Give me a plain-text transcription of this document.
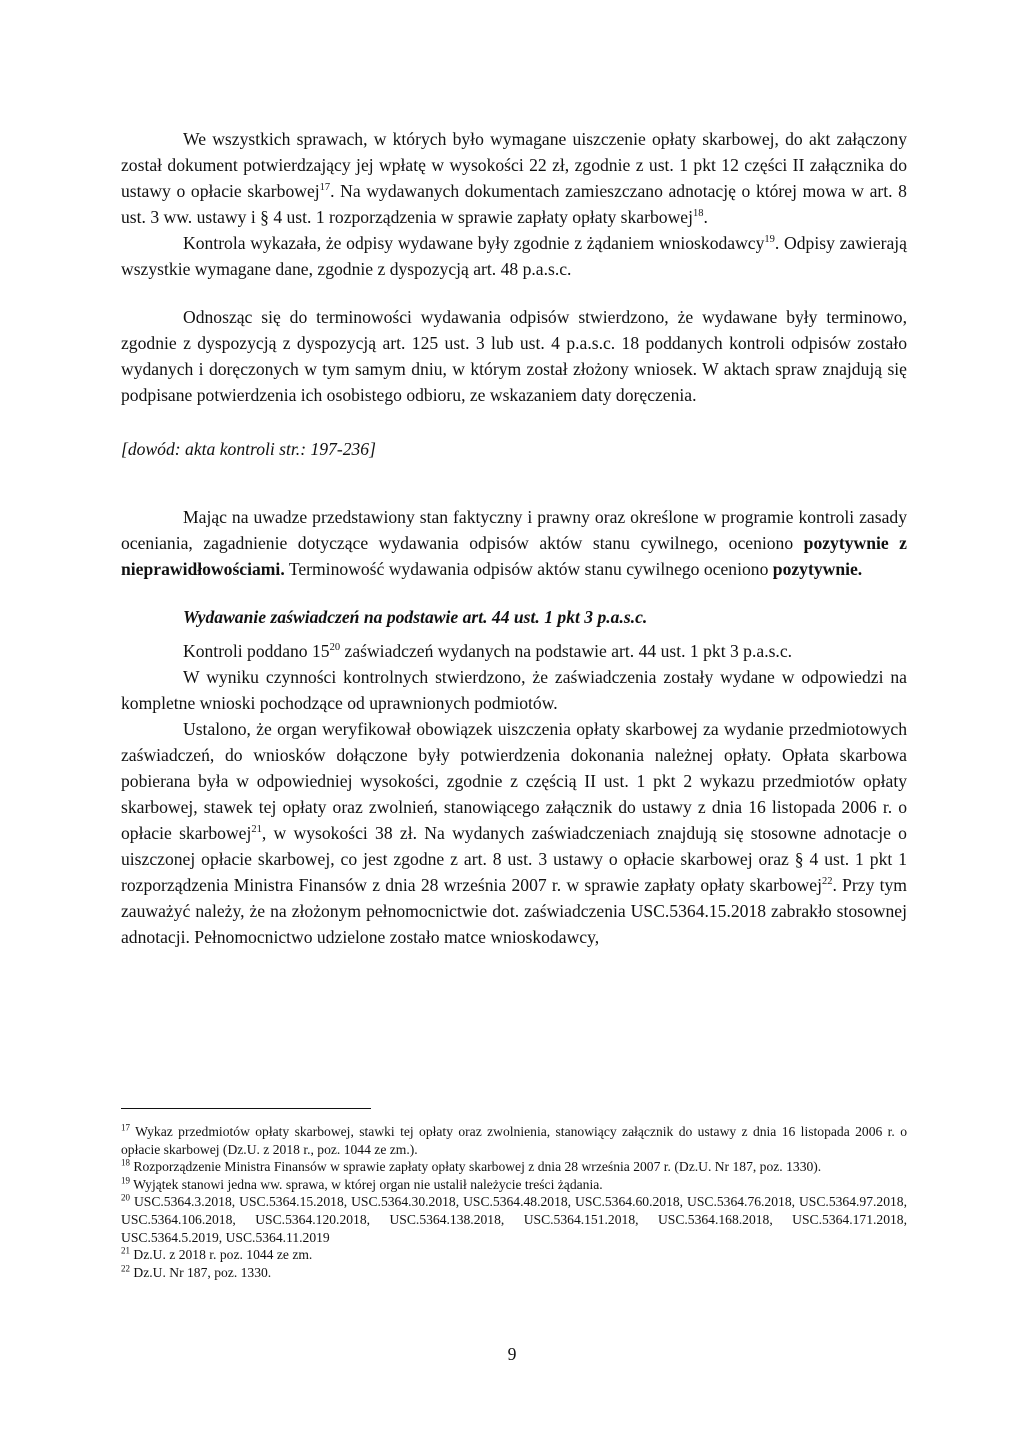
We wszystkich sprawach, w których było wymagane uiszczenie opłaty skarbowej, do akt załączony został dokument potwierdzający jej wpłatę w wysokości 22 zł, zgodnie z ust. 1 pkt 12 części II załącznika do ustawy o opłacie skarbowej$^{17}$. Na wydawanych dokumentach zamieszczano adnotację o której mowa w art. 8 ust. 3 ww. ustawy i § 4 ust. 1 rozporządzenia w sprawie zapłaty opłaty skarbowej$^{18}$.

Kontrola wykazała, że odpisy wydawane były zgodnie z żądaniem wnioskodawcy$^{19}$. Odpisy zawierają wszystkie wymagane dane, zgodnie z dyspozycją art. 48 p.a.s.c.

Odnosząc się do terminowości wydawania odpisów stwierdzono, że wydawane były terminowo, zgodnie z dyspozycją z dyspozycją art. 125 ust. 3 lub ust. 4 p.a.s.c. 18 poddanych kontroli odpisów zostało wydanych i doręczonych w tym samym dniu, w którym został złożony wniosek. W aktach spraw znajdują się podpisane potwierdzenia ich osobistego odbioru, ze wskazaniem daty doręczenia.

[dowód: akta kontroli str.: 197-236]

Mając na uwadze przedstawiony stan faktyczny i prawny oraz określone w programie kontroli zasady oceniania, zagadnienie dotyczące wydawania odpisów aktów stanu cywilnego, oceniono pozytywnie z nieprawidłowościami. Terminowość wydawania odpisów aktów stanu cywilnego oceniono pozytywnie.

Wydawanie zaświadczeń na podstawie art. 44 ust. 1 pkt 3 p.a.s.c.

Kontroli poddano $15^{20}$ zaświadczeń wydanych na podstawie art. 44 ust. 1 pkt 3 p.a.s.c.

W wyniku czynności kontrolnych stwierdzono, że zaświadczenia zostały wydane w odpowiedzi na kompletne wnioski pochodzące od uprawnionych podmiotów.

Ustalono, że organ weryfikował obowiązek uiszczenia opłaty skarbowej za wydanie przedmiotowych zaświadczeń, do wniosków dołączone były potwierdzenia dokonania należnej opłaty. Opłata skarbowa pobierana była w odpowiedniej wysokości, zgodnie z częścią II ust. 1 pkt 2 wykazu przedmiotów opłaty skarbowej, stawek tej opłaty oraz zwolnień, stanowiącego załącznik do ustawy z dnia 16 listopada 2006 r. o opłacie skarbowej$^{21}$, w wysokości 38 zł. Na wydanych zaświadczeniach znajdują się stosowne adnotacje o uiszczonej opłacie skarbowej, co jest zgodne z art. 8 ust. 3 ustawy o opłacie skarbowej oraz § 4 ust. 1 pkt 1 rozporządzenia Ministra Finansów z dnia 28 września 2007 r. w sprawie zapłaty opłaty skarbowej$^{22}$. Przy tym zauważyć należy, że na złożonym pełnomocnictwie dot. zaświadczenia USC.5364.15.2018 zabrakło stosownej adnotacji. Pełnomocnictwo udzielone zostało matce wnioskodawcy,

$^{17}$ Wykaz przedmiotów opłaty skarbowej, stawki tej opłaty oraz zwolnienia, stanowiący załącznik do ustawy z dnia 16 listopada 2006 r. o opłacie skarbowej (Dz.U. z 2018 r., poz. 1044 ze zm.).

$^{18}$ Rozporządzenie Ministra Finansów w sprawie zapłaty opłaty skarbowej z dnia 28 września 2007 r. (Dz.U. Nr 187, poz. 1330).

$^{19}$ Wyjątek stanowi jedna ww. sprawa, w której organ nie ustalił należycie treści żądania.

$^{20}$ USC.5364.3.2018, USC.5364.15.2018, USC.5364.30.2018, USC.5364.48.2018, USC.5364.60.2018, USC.5364.76.2018, USC.5364.97.2018, USC.5364.106.2018, USC.5364.120.2018, USC.5364.138.2018, USC.5364.151.2018, USC.5364.168.2018, USC.5364.171.2018, USC.5364.5.2019, USC.5364.11.2019

$^{21}$ Dz.U. z 2018 r. poz. 1044 ze zm.

$^{22}$ Dz.U. Nr 187, poz. 1330.

9
